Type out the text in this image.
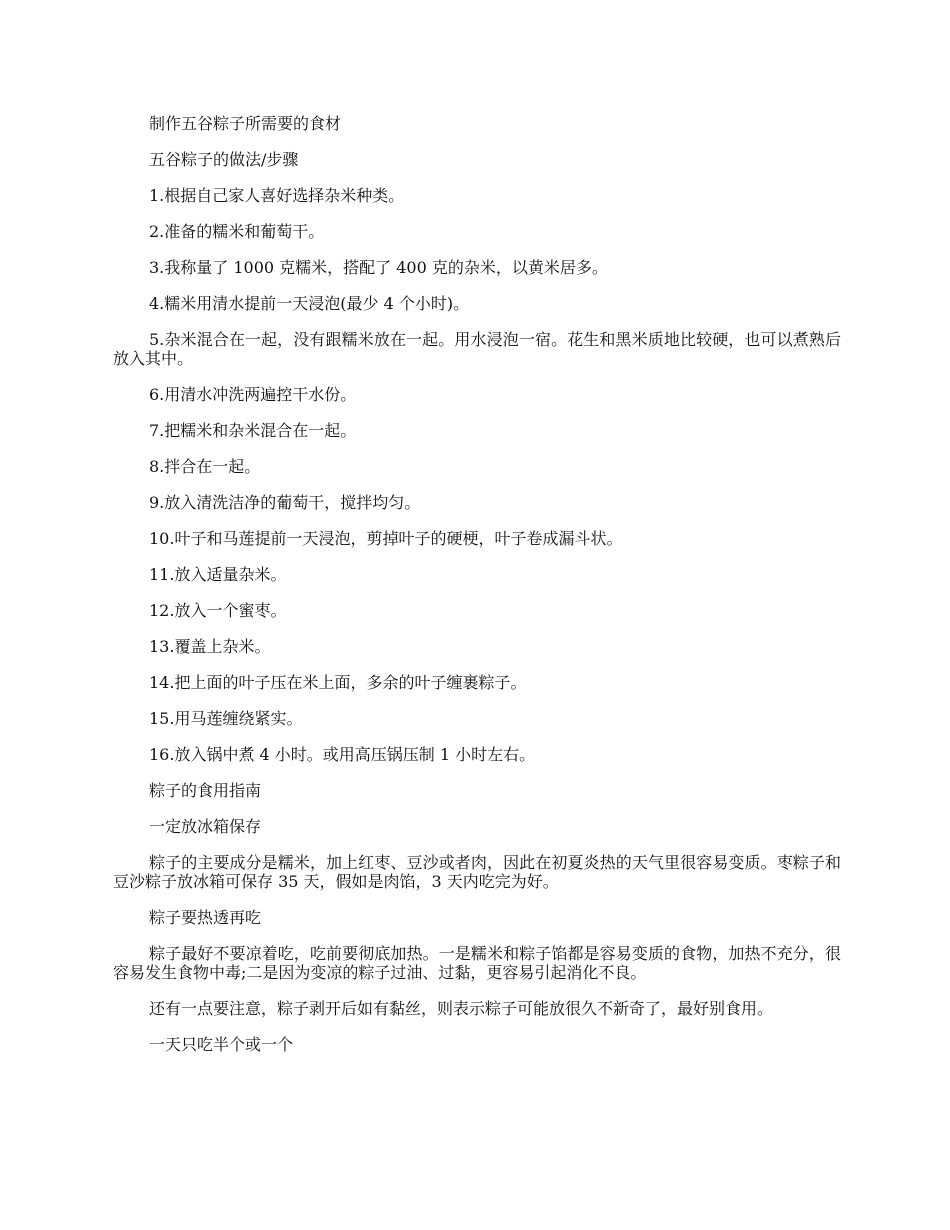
制作五谷粽子所需要的食材

五谷粽子的做法/步骤

1.根据自己家人喜好选择杂米种类。

2.准备的糯米和葡萄干。

3.我称量了 1000 克糯米，搭配了 400 克的杂米，以黄米居多。

4.糯米用清水提前一天浸泡(最少 4 个小时)。

5.杂米混合在一起，没有跟糯米放在一起。用水浸泡一宿。花生和黑米质地比较硬，也可以煮熟后放入其中。

6.用清水冲洗两遍控干水份。

7.把糯米和杂米混合在一起。

8.拌合在一起。

9.放入清洗洁净的葡萄干，搅拌均匀。

10.叶子和马莲提前一天浸泡，剪掉叶子的硬梗，叶子卷成漏斗状。

11.放入适量杂米。

12.放入一个蜜枣。

13.覆盖上杂米。

14.把上面的叶子压在米上面，多余的叶子缠裹粽子。

15.用马莲缠绕紧实。

16.放入锅中煮 4 小时。或用高压锅压制 1 小时左右。

粽子的食用指南

一定放冰箱保存

粽子的主要成分是糯米，加上红枣、豆沙或者肉，因此在初夏炎热的天气里很容易变质。枣粽子和豆沙粽子放冰箱可保存 35 天，假如是肉馅，3 天内吃完为好。

粽子要热透再吃

粽子最好不要凉着吃，吃前要彻底加热。一是糯米和粽子馅都是容易变质的食物，加热不充分，很容易发生食物中毒;二是因为变凉的粽子过油、过黏，更容易引起消化不良。

还有一点要注意，粽子剥开后如有黏丝，则表示粽子可能放很久不新奇了，最好别食用。

一天只吃半个或一个
